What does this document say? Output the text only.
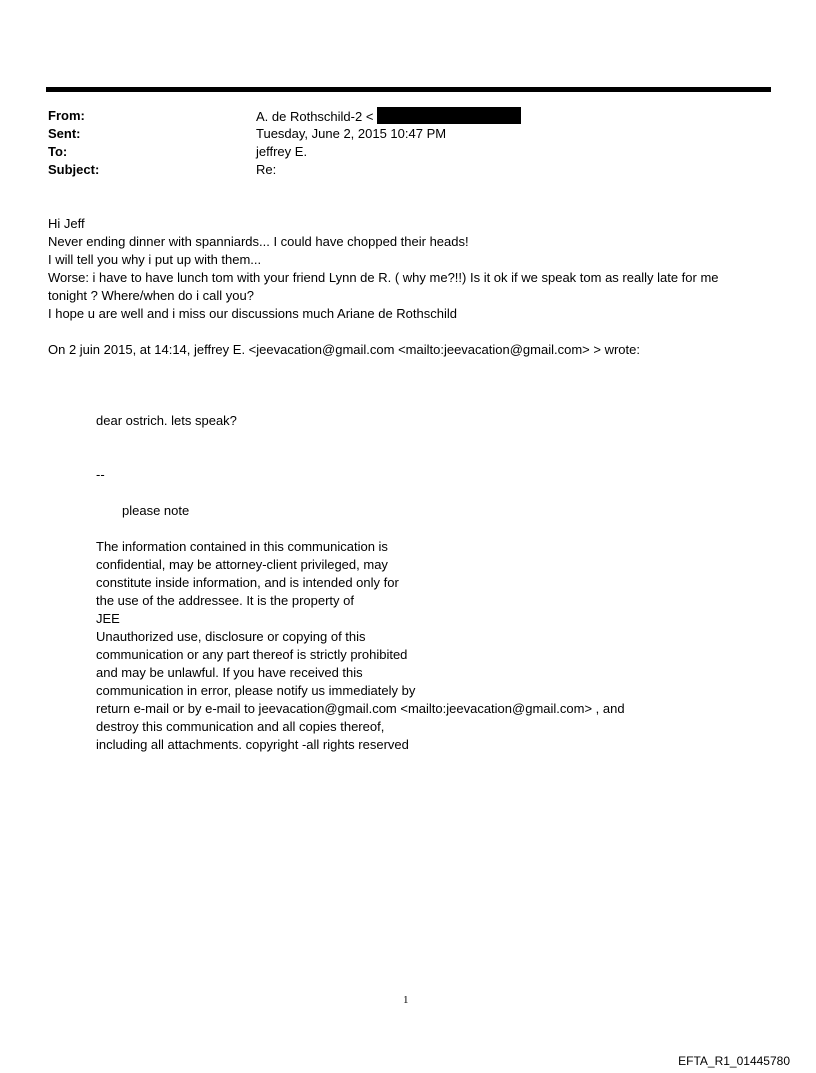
From:	A. de Rothschild-2 <
Sent:	Tuesday, June 2, 2015 10:47 PM
To:	jeffrey E.
Subject:	Re:
Hi Jeff
Never ending dinner with spanniards... I could have chopped their heads!
I will tell you why i put up with them...
Worse: i have to have lunch tom with your friend Lynn de R. ( why me?!!) Is it ok if we speak tom as really late for me
tonight ? Where/when do i call you?
I hope u are well and i miss our discussions much Ariane de Rothschild
On 2 juin 2015, at 14:14, jeffrey E. <jeevacation@gmail.com <mailto:jeevacation@gmail.com> > wrote:
dear ostrich. lets speak?
--
please note
The information contained in this communication is
confidential, may be attorney-client privileged, may
constitute inside information, and is intended only for
the use of the addressee. It is the property of
JEE
Unauthorized use, disclosure or copying of this
communication or any part thereof is strictly prohibited
and may be unlawful. If you have received this
communication in error, please notify us immediately by
return e-mail or by e-mail to jeevacation@gmail.com <mailto:jeevacation@gmail.com> , and
destroy this communication and all copies thereof,
including all attachments. copyright -all rights reserved
1
EFTA_R1_01445780
